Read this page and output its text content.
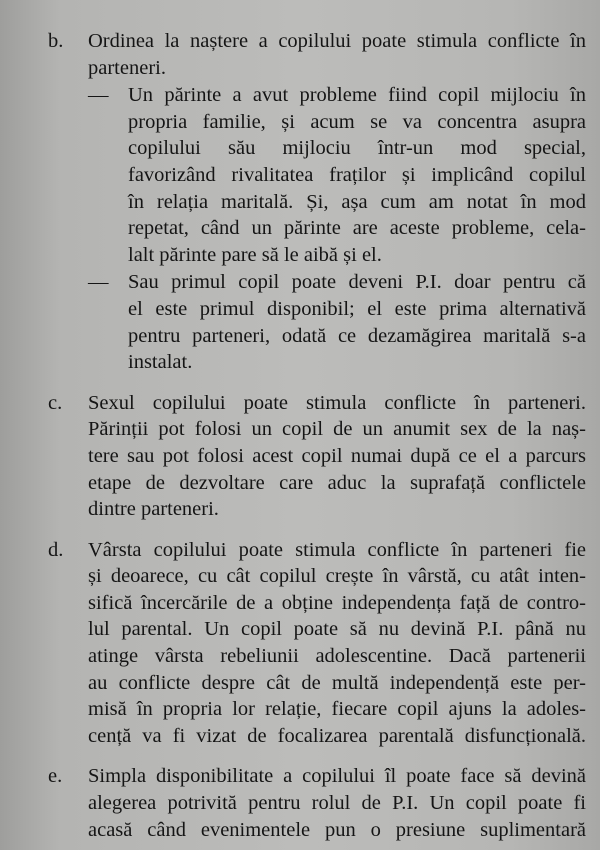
b.	Ordinea la naștere a copilului poate stimula conflicte în
parteneri.
— Un părinte a avut probleme fiind copil mijlociu în
propria familie, și acum se va concentra asupra
copilului său mijlociu într-un mod special,
favorizând rivalitatea fraților și implicând copilul
în relația maritală. Și, așa cum am notat în mod
repetat, când un părinte are aceste probleme, cela-
lalt părinte pare să le aibă și el.
— Sau primul copil poate deveni P.I. doar pentru că
el este primul disponibil; el este prima alternativă
pentru parteneri, odată ce dezamăgirea maritală s-a
instalat.
c.	Sexul copilului poate stimula conflicte în parteneri.
Părinții pot folosi un copil de un anumit sex de la naș-
tere sau pot folosi acest copil numai după ce el a parcurs
etape de dezvoltare care aduc la suprafață conflictele
dintre parteneri.
d.	Vârsta copilului poate stimula conflicte în parteneri fie
și deoarece, cu cât copilul crește în vârstă, cu atât inten-
sifică încercările de a obține independența față de contro-
lul parental. Un copil poate să nu devină P.I. până nu
atinge vârsta rebeliunii adolescentine. Dacă partenerii
au conflicte despre cât de multă independență este per-
misă în propria lor relație, fiecare copil ajuns la adoles-
cență va fi vizat de focalizarea parentală disfuncțională.
e.	Simpla disponibilitate a copilului îl poate face să devină
alegerea potrivită pentru rolul de P.I. Un copil poate fi
acasă când evenimentele pun o presiune suplimentară
